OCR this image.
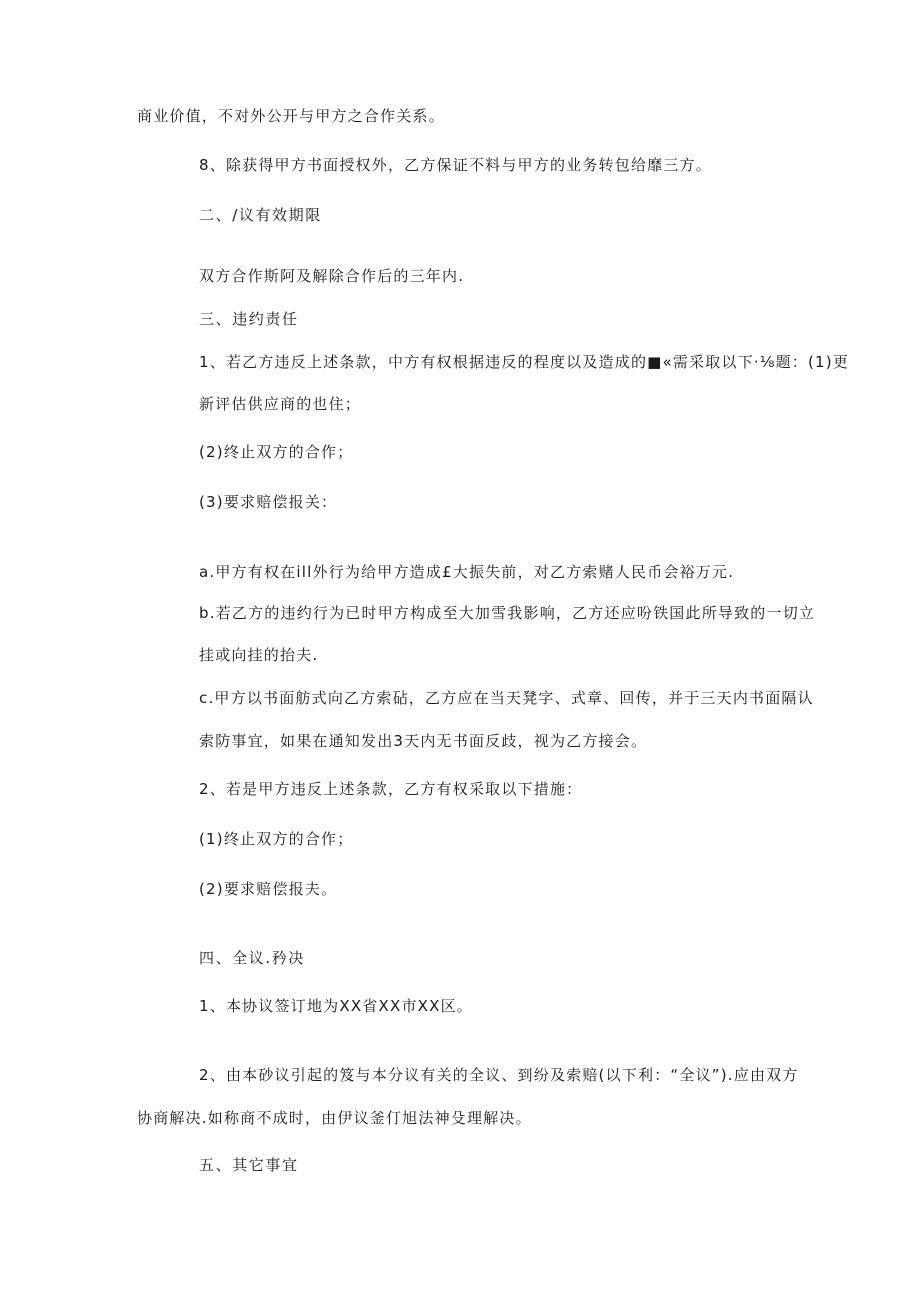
商业价值，不对外公开与甲方之合作关系。
8、除获得甲方书面授权外，乙方保证不料与甲方的业务转包给靡三方。
二、/议有效期限
双方合作斯阿及解除合作后的三年内.
三、违约责任
1、若乙方违反上述条款，中方有权根据违反的程度以及造成的■«需采取以下·⅛题：(1)更
新评估供应商的也住；
(2)终止双方的合作；
(3)要求赔偿报关：
a.甲方有权在ill外行为给甲方造成£大振失前，对乙方索赌人民币会裕万元.
b.若乙方的违约行为已时甲方构成至大加雪我影响，乙方还应吩铁国此所导致的一切立
挂或向挂的抬夫.
c.甲方以书面舫式向乙方索砧，乙方应在当天凳字、式章、回传，并于三天内书面隔认
索防事宜，如果在通知发出3天内无书面反歧，视为乙方接会。
2、若是甲方违反上述条款，乙方有权采取以下措施：
(1)终止双方的合作；
(2)要求赔偿报夫。
四、全议.矜决
1、本协议签订地为XX省XX市XX区。
2、由本砂议引起的笈与本分议有关的全议、到纷及索赔(以下利：“全议”).应由双方
协商解决.如称商不成时，由伊议釜仃旭法神殳理解决。
五、其它事宜
